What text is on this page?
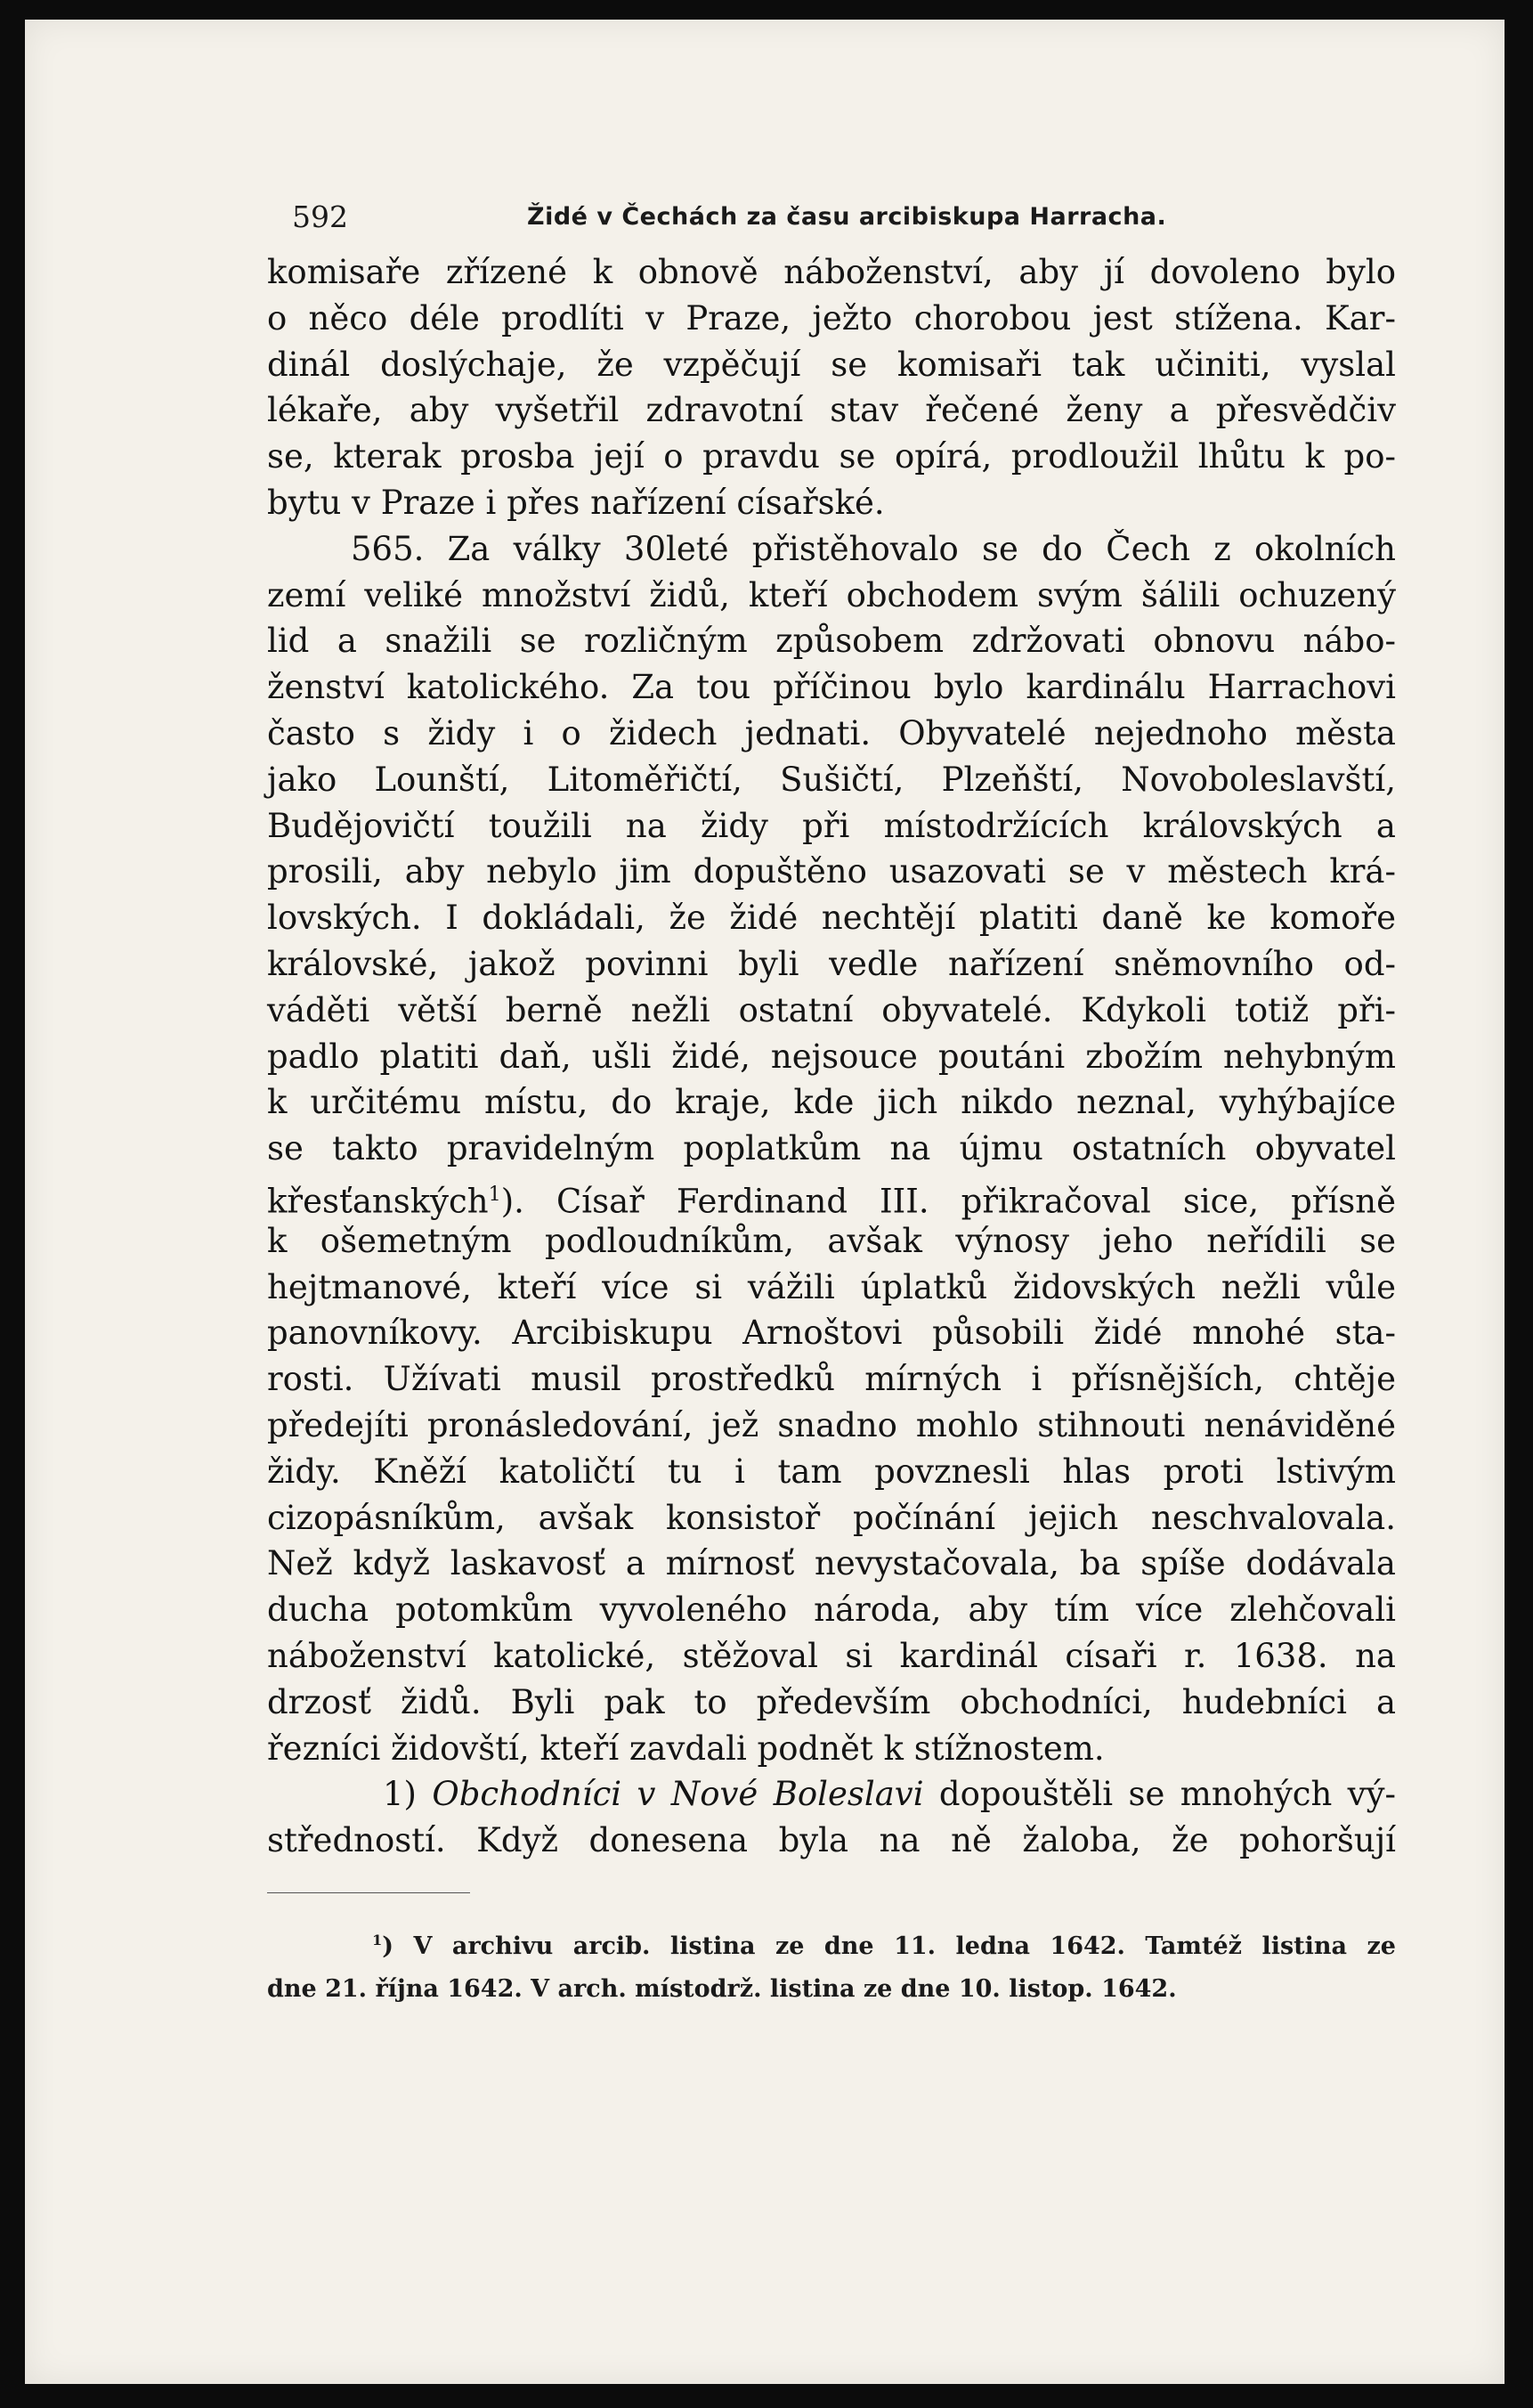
592	Židé v Čechách za času arcibiskupa Harracha.
komisaře zřízené k obnově náboženství, aby jí dovoleno bylo
o něco déle prodlíti v Praze, ježto chorobou jest stížena. Kar-
dinál doslýchaje, že vzpěčují se komisaři tak učiniti, vyslal
lékaře, aby vyšetřil zdravotní stav řečené ženy a přesvědčiv
se, kterak prosba její o pravdu se opírá, prodloužil lhůtu k po-
bytu v Praze i přes nařízení císařské.
565. Za války 30leté přistěhovalo se do Čech z okolních
zemí veliké množství židů, kteří obchodem svým šálili ochuzený
lid a snažili se rozličným způsobem zdržovati obnovu nábo-
ženství katolického. Za tou příčinou bylo kardinálu Harrachovi
často s židy i o židech jednati. Obyvatelé nejednoho města
jako Lounští, Litoměřičtí, Sušičtí, Plzeňští, Novoboleslavští,
Budějovičtí toužili na židy při místodržících královských a
prosili, aby nebylo jim dopuštěno usazovati se v městech krá-
lovských. I dokládali, že židé nechtějí platiti daně ke komoře
královské, jakož povinni byli vedle nařízení sněmovního od-
váděti větší berně nežli ostatní obyvatelé. Kdykoli totiž při-
padlo platiti daň, ušli židé, nejsouce poutáni zbožím nehybným
k určitému místu, do kraje, kde jich nikdo neznal, vyhýbajíce
se takto pravidelným poplatkům na újmu ostatních obyvatel
křesťanských$^1$). Císař Ferdinand III. přikračoval sice, přísně
k ošemetným podloudníkům, avšak výnosy jeho neřídili se
hejtmanové, kteří více si vážili úplatků židovských nežli vůle
panovníkovy. Arcibiskupu Arnoštovi působili židé mnohé sta-
rosti. Užívati musil prostředků mírných i přísnějších, chtěje
předejíti pronásledování, jež snadno mohlo stihnouti nenáviděné
židy. Kněží katoličtí tu i tam povznesli hlas proti lstivým
cizopásníkům, avšak konsistoř počínání jejich neschvalovala.
Než když laskavosť a mírnosť nevystačovala, ba spíše dodávala
ducha potomkům vyvoleného národa, aby tím více zlehčovali
náboženství katolické, stěžoval si kardinál císaři r. 1638. na
drzosť židů. Byli pak to především obchodníci, hudebníci a
řezníci židovští, kteří zavdali podnět k stížnostem.
1) Obchodníci v Nové Boleslavi dopouštěli se mnohých vý-
středností. Když donesena byla na ně žaloba, že pohoršují
$^1$) V archivu arcib. listina ze dne 11. ledna 1642. Tamtéž listina ze
dne 21. října 1642. V arch. místodrž. listina ze dne 10. listop. 1642.
